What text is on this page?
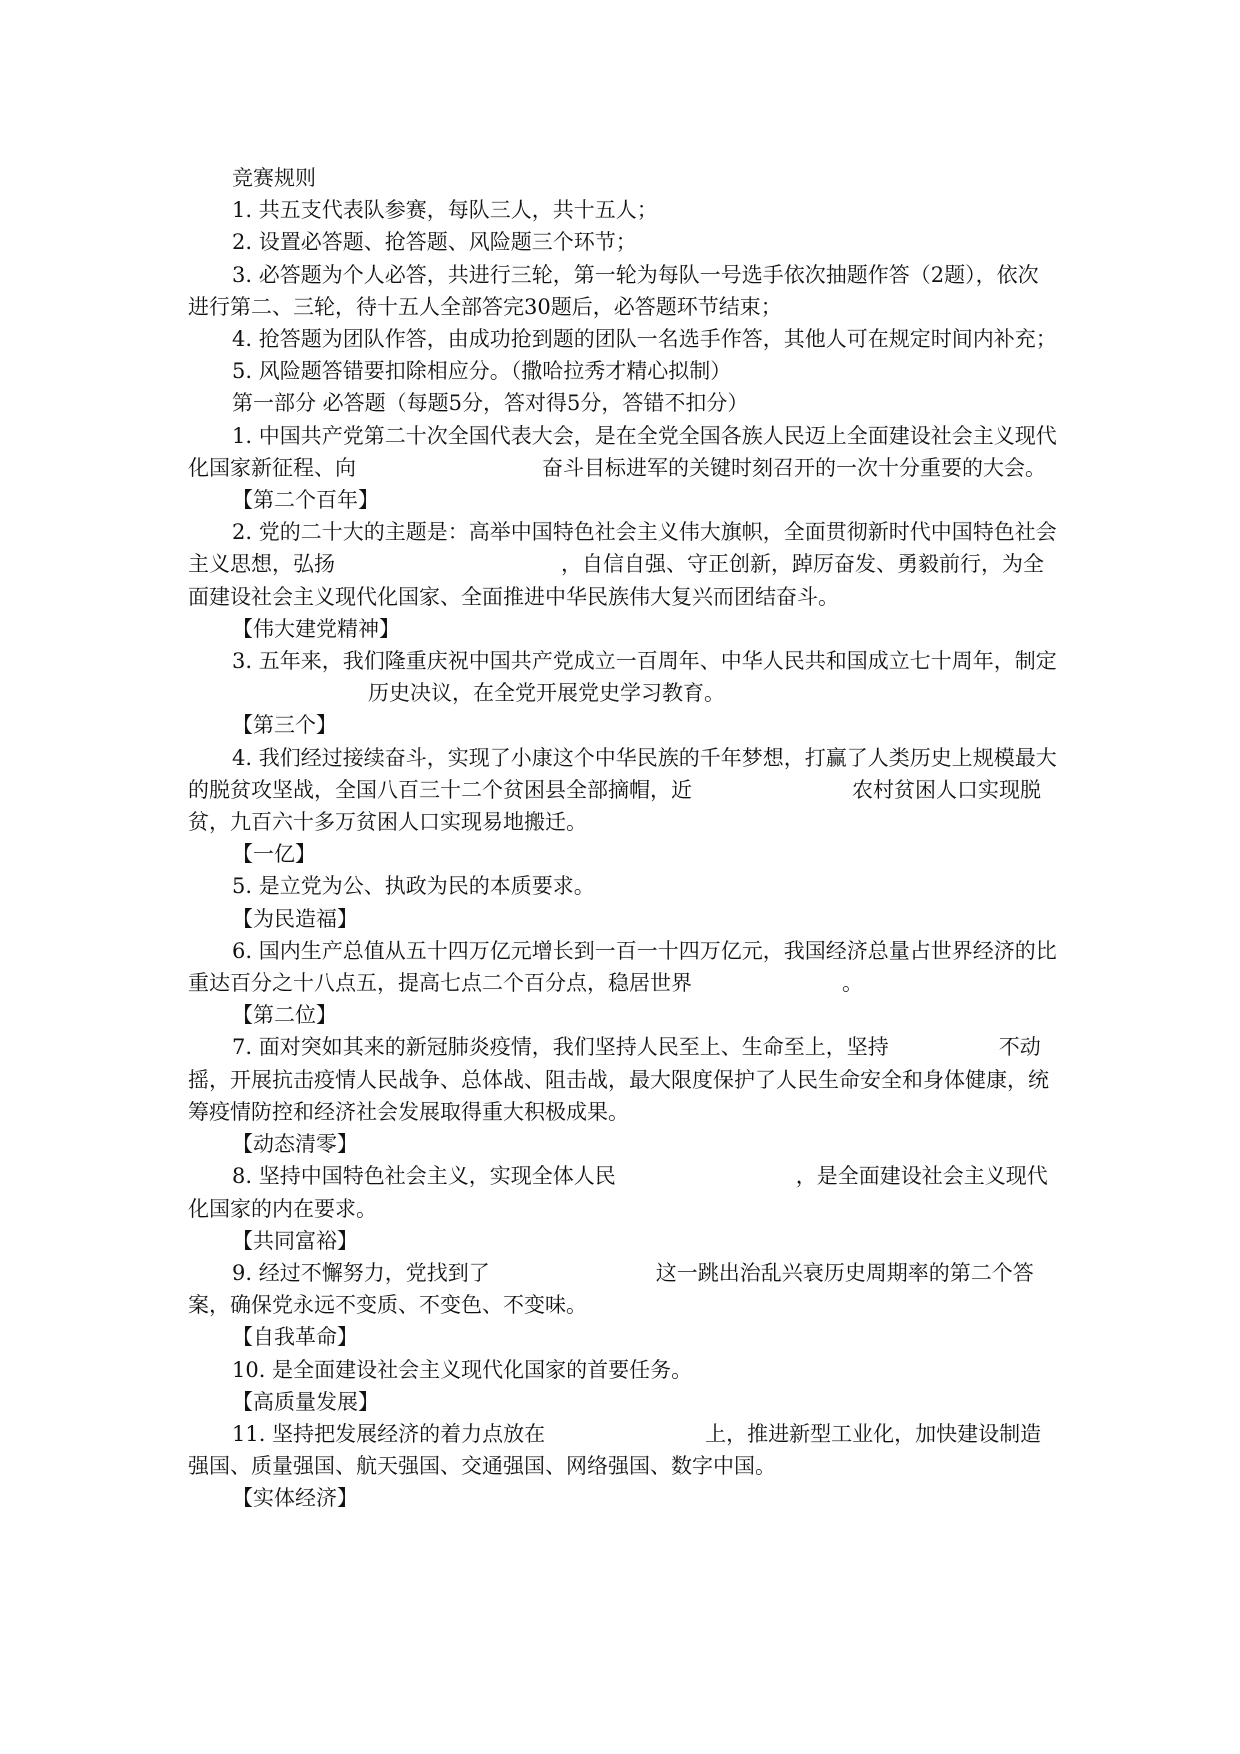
竞赛规则

1. 共五支代表队参赛，每队三人，共十五人；

2. 设置必答题、抢答题、风险题三个环节；

3. 必答题为个人必答，共进行三轮，第一轮为每队一号选手依次抽题作答（2题），依次进行第二、三轮，待十五人全部答完30题后，必答题环节结束；

4. 抢答题为团队作答，由成功抢到题的团队一名选手作答，其他人可在规定时间内补充；

5. 风险题答错要扣除相应分。（撒哈拉秀才精心拟制）

第一部分 必答题（每题5分，答对得5分，答错不扣分）

1. 中国共产党第二十次全国代表大会，是在全党全国各族人民迈上全面建设社会主义现代化国家新征程、向	奋斗目标进军的关键时刻召开的一次十分重要的大会。

【第二个百年】

2. 党的二十大的主题是：高举中国特色社会主义伟大旗帜，全面贯彻新时代中国特色社会主义思想，弘扬	，自信自强、守正创新，踔厉奋发、勇毅前行，为全面建设社会主义现代化国家、全面推进中华民族伟大复兴而团结奋斗。

【伟大建党精神】

3. 五年来，我们隆重庆祝中国共产党成立一百周年、中华人民共和国成立七十周年，制定历史决议，在全党开展党史学习教育。

【第三个】

4. 我们经过接续奋斗，实现了小康这个中华民族的千年梦想，打赢了人类历史上规模最大的脱贫攻坚战，全国八百三十二个贫困县全部摘帽，近	农村贫困人口实现脱贫，九百六十多万贫困人口实现易地搬迁。

【一亿】

5. 是立党为公、执政为民的本质要求。

【为民造福】

6. 国内生产总值从五十四万亿元增长到一百一十四万亿元，我国经济总量占世界经济的比重达百分之十八点五，提高七点二个百分点，稳居世界	。

【第二位】

7. 面对突如其来的新冠肺炎疫情，我们坚持人民至上、生命至上，坚持	不动摇，开展抗击疫情人民战争、总体战、阻击战，最大限度保护了人民生命安全和身体健康，统筹疫情防控和经济社会发展取得重大积极成果。

【动态清零】

8. 坚持中国特色社会主义，实现全体人民	，是全面建设社会主义现代化国家的内在要求。

【共同富裕】

9. 经过不懈努力，党找到了	这一跳出治乱兴衰历史周期率的第二个答案，确保党永远不变质、不变色、不变味。

【自我革命】

10. 是全面建设社会主义现代化国家的首要任务。

【高质量发展】

11. 坚持把发展经济的着力点放在	上，推进新型工业化，加快建设制造强国、质量强国、航天强国、交通强国、网络强国、数字中国。

【实体经济】
